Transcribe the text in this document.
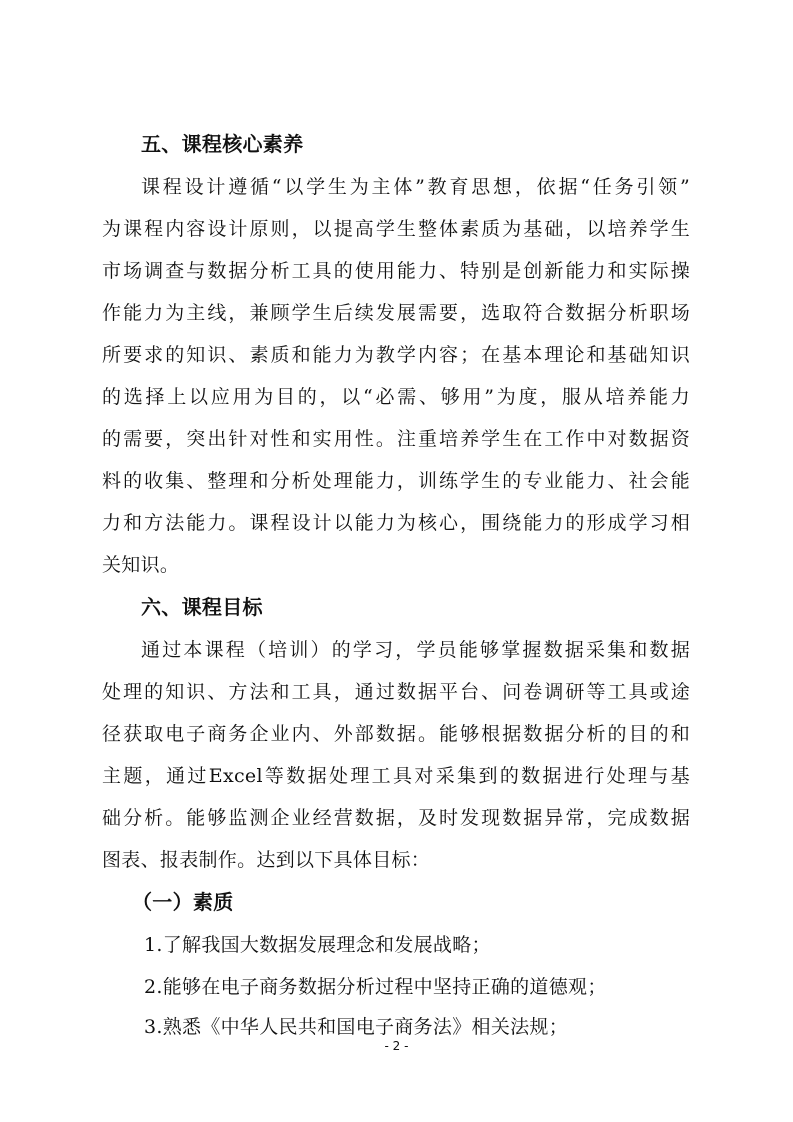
五、课程核心素养
课程设计遵循“以学生为主体”教育思想，依据“任务引领”
为课程内容设计原则，以提高学生整体素质为基础，以培养学生
市场调查与数据分析工具的使用能力、特别是创新能力和实际操
作能力为主线，兼顾学生后续发展需要，选取符合数据分析职场
所要求的知识、素质和能力为教学内容；在基本理论和基础知识
的选择上以应用为目的，以“必需、够用”为度，服从培养能力
的需要，突出针对性和实用性。注重培养学生在工作中对数据资
料的收集、整理和分析处理能力，训练学生的专业能力、社会能
力和方法能力。课程设计以能力为核心，围绕能力的形成学习相
关知识。
六、课程目标
通过本课程（培训）的学习，学员能够掌握数据采集和数据
处理的知识、方法和工具，通过数据平台、问卷调研等工具或途
径获取电子商务企业内、外部数据。能够根据数据分析的目的和
主题，通过Excel等数据处理工具对采集到的数据进行处理与基
础分析。能够监测企业经营数据，及时发现数据异常，完成数据
图表、报表制作。达到以下具体目标：
（一）素质
1.了解我国大数据发展理念和发展战略；
2.能够在电子商务数据分析过程中坚持正确的道德观；
3.熟悉《中华人民共和国电子商务法》相关法规；
- 2 -
